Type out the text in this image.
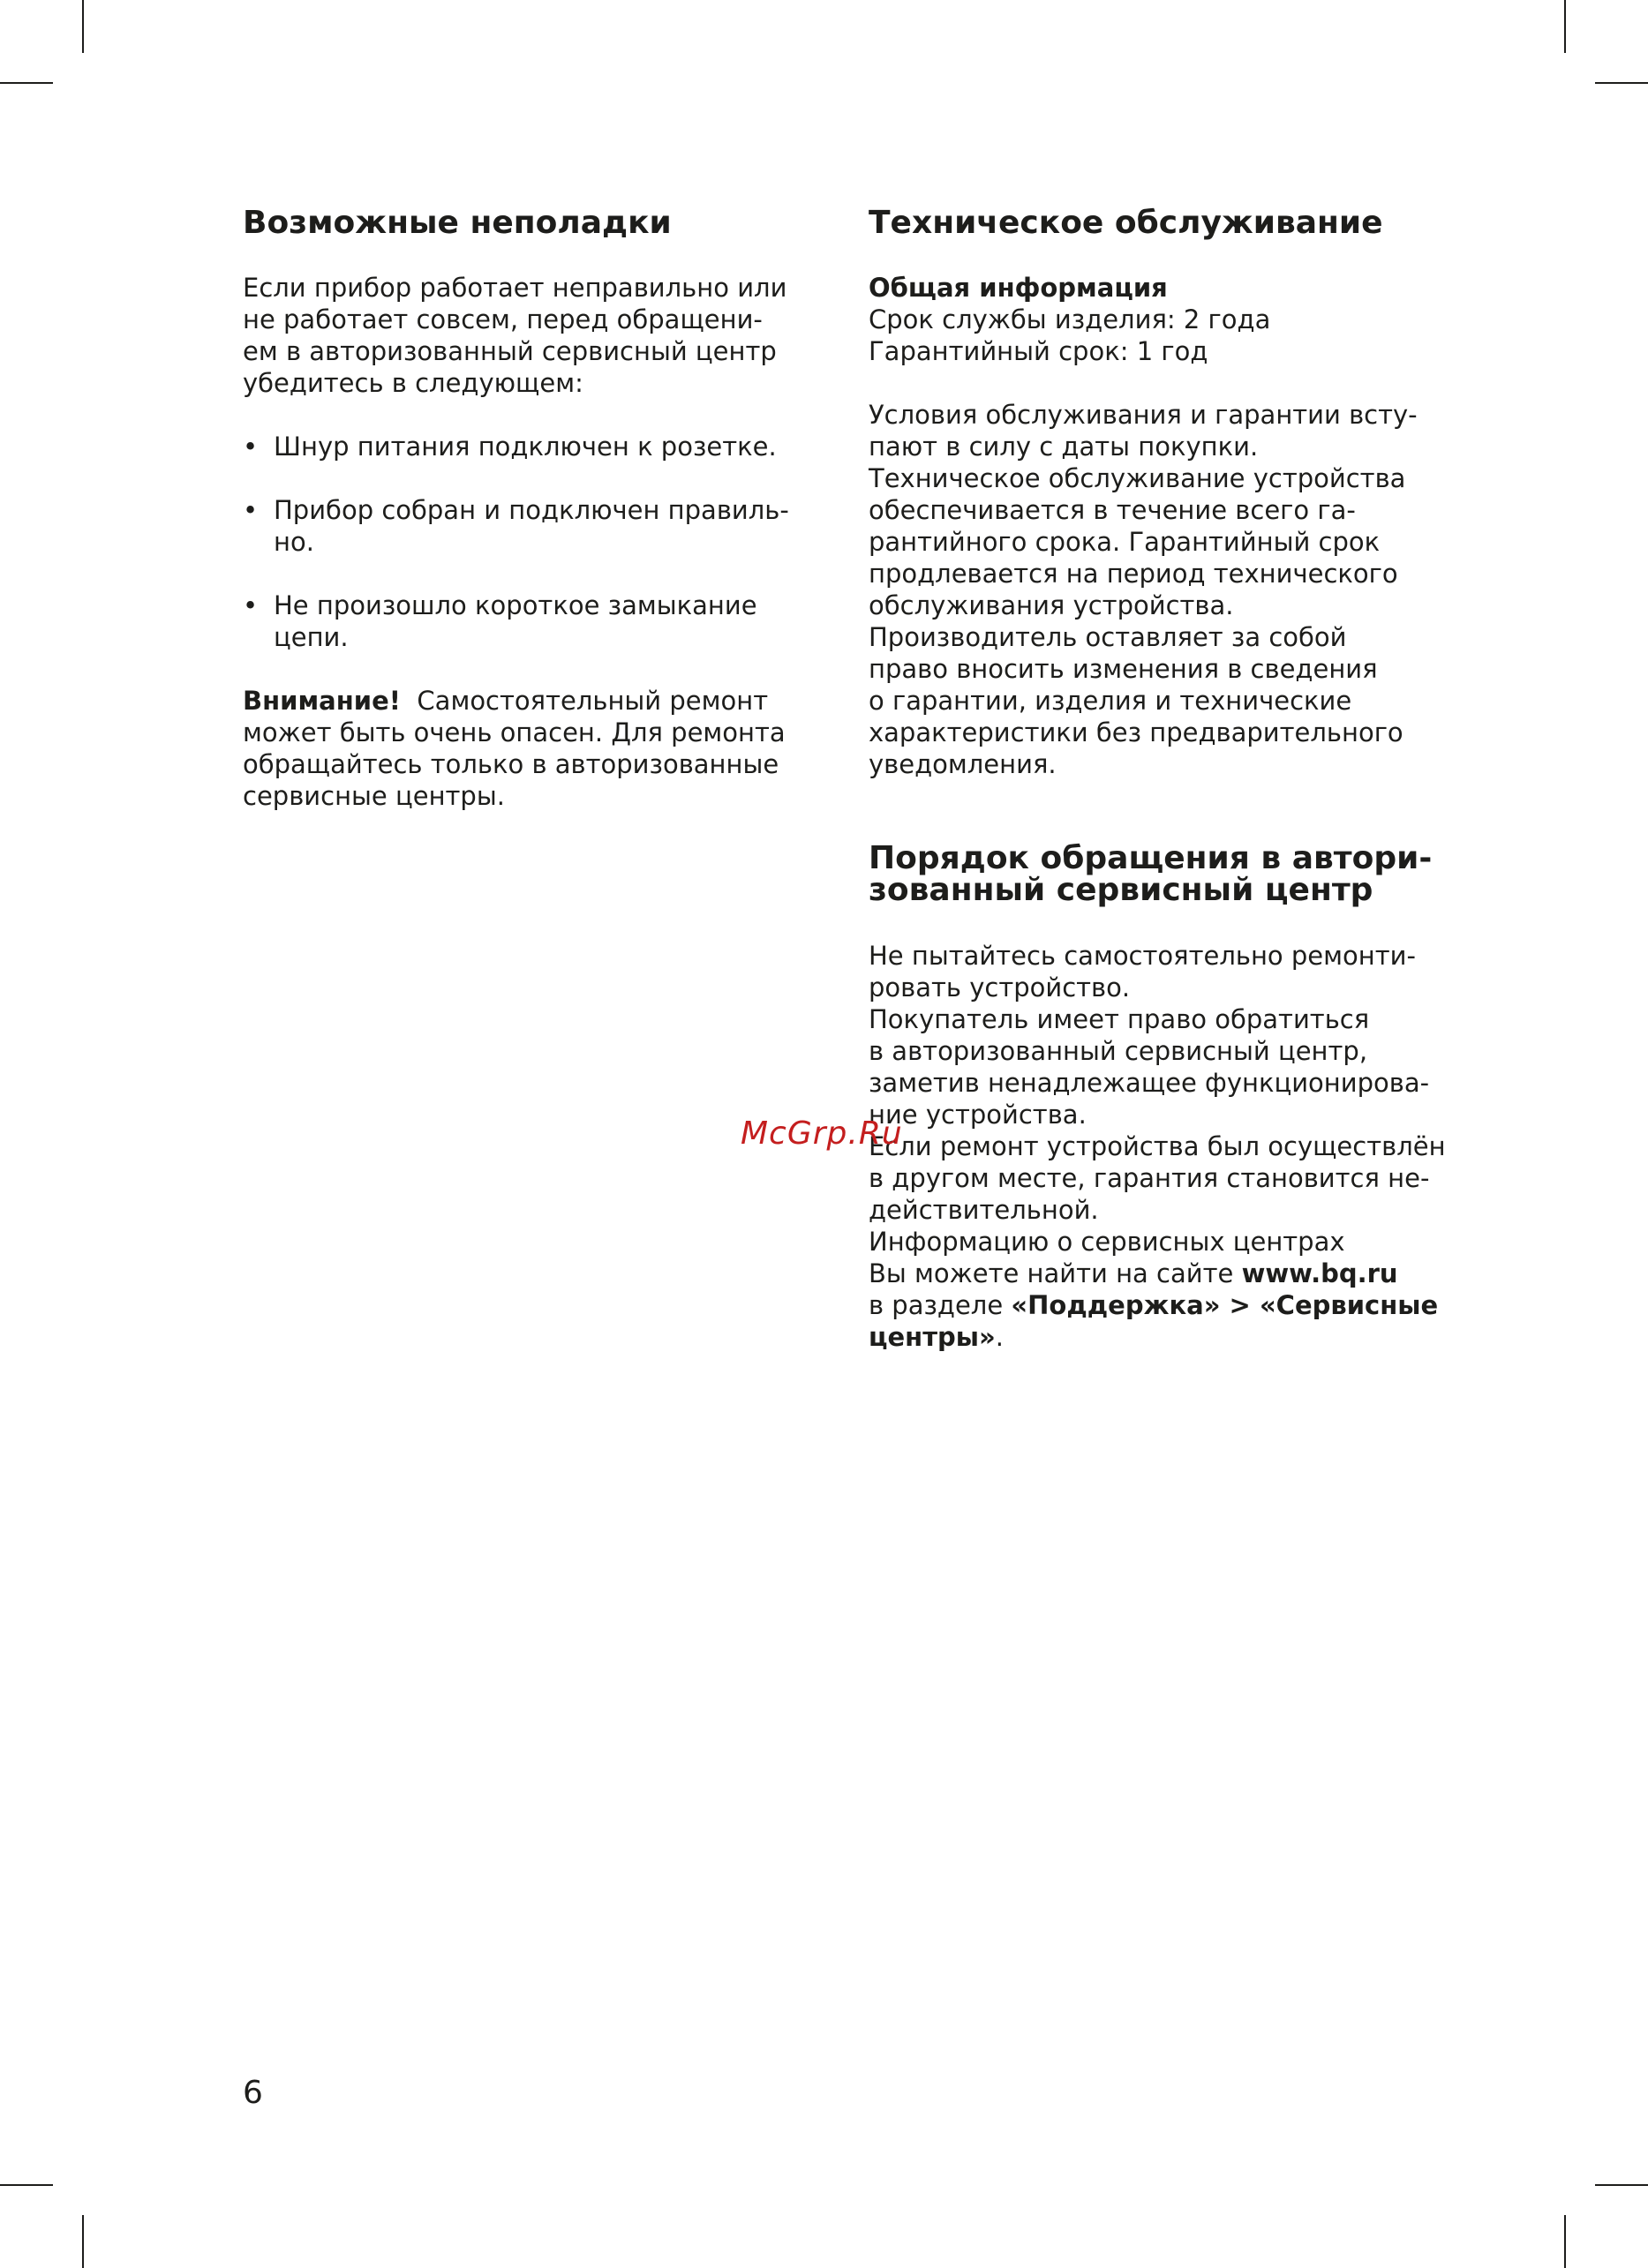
Возможные неполадки
Если прибор работает неправильно или
не работает совсем, перед обращени-
ем в авторизованный сервисный центр
убедитесь в следующем:
• Шнур питания подключен к розетке.
• Прибор собран и подключен правиль-
но.
• Не произошло короткое замыкание
цепи.
Внимание! Самостоятельный ремонт
может быть очень опасен. Для ремонта
обращайтесь только в авторизованные
сервисные центры.
Техническое обслуживание
Общая информация
Срок службы изделия: 2 года
Гарантийный срок: 1 год
Условия обслуживания и гарантии всту-
пают в силу с даты покупки.
Техническое обслуживание устройства
обеспечивается в течение всего га-
рантийного срока. Гарантийный срок
продлевается на период технического
обслуживания устройства.
Производитель оставляет за собой
право вносить изменения в сведения
о гарантии, изделия и технические
характеристики без предварительного
уведомления.
Порядок обращения в автори-
зованный сервисный центр
Не пытайтесь самостоятельно ремонти-
ровать устройство.
Покупатель имеет право обратиться
в авторизованный сервисный центр,
заметив ненадлежащее функционирова-
ние устройства.
Если ремонт устройства был осуществлён
в другом месте, гарантия становится не-
действительной.
Информацию о сервисных центрах
Вы можете найти на сайте www.bq.ru
в разделе «Поддержка» > «Сервисные
центры».
McGrp.Ru
6
